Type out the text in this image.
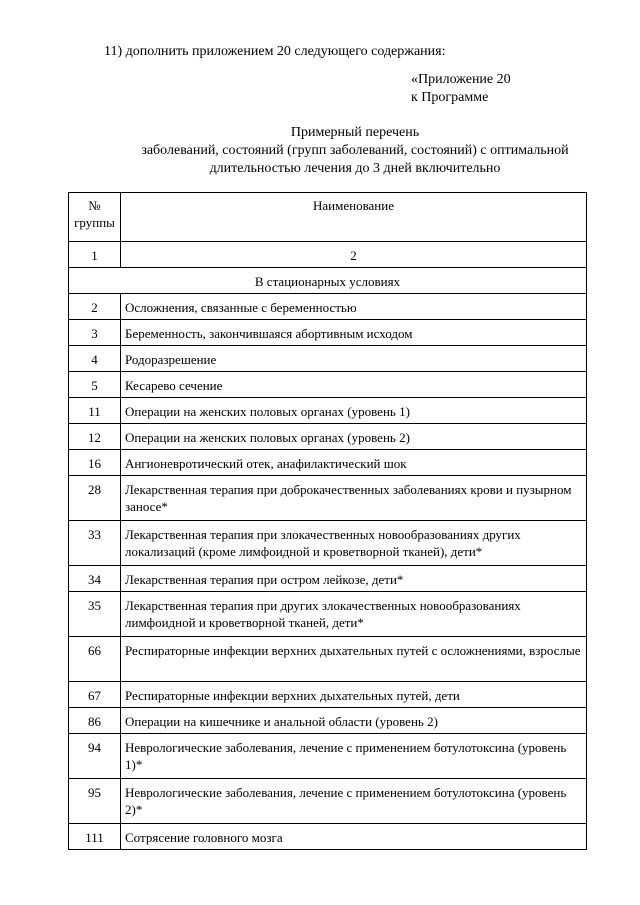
11) дополнить приложением 20 следующего содержания:
«Приложение 20
к Программе
Примерный перечень
заболеваний, состояний (групп заболеваний, состояний) с оптимальной
длительностью лечения до 3 дней включительно
№
группы	Наименование
1	2
В стационарных условиях	
2	Осложнения, связанные с беременностью
3	Беременность, закончившаяся абортивным исходом
4	Родоразрешение
5	Кесарево сечение
11	Операции на женских половых органах (уровень 1)
12	Операции на женских половых органах (уровень 2)
16	Ангионевротический отек, анафилактический шок
28	Лекарственная терапия при доброкачественных заболеваниях крови и пузырном заносе*
33	Лекарственная терапия при злокачественных новообразованиях других локализаций (кроме лимфоидной и кроветворной тканей), дети*
34	Лекарственная терапия при остром лейкозе, дети*
35	Лекарственная терапия при других злокачественных новообразованиях лимфоидной и кроветворной тканей, дети*
66	Респираторные инфекции верхних дыхательных путей с осложнениями, взрослые
67	Респираторные инфекции верхних дыхательных путей, дети
86	Операции на кишечнике и анальной области (уровень 2)
94	Неврологические заболевания, лечение с применением ботулотоксина (уровень 1)*
95	Неврологические заболевания, лечение с применением ботулотоксина (уровень 2)*
111	Сотрясение головного мозга
